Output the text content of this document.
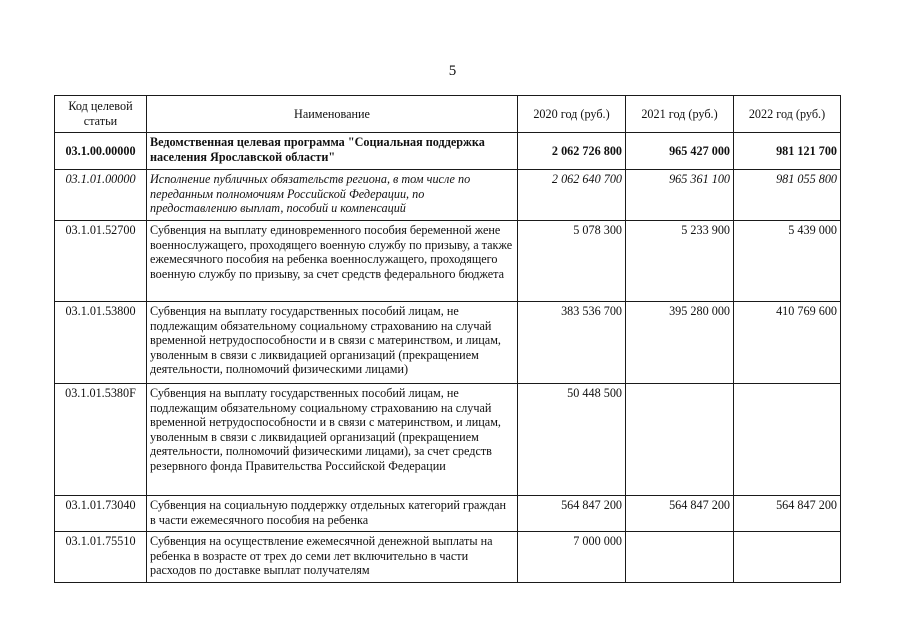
5
Код целевой статьи	Наименование	2020 год (руб.)	2021 год (руб.)	2022 год (руб.)
03.1.00.00000	Ведомственная целевая программа "Социальная поддержка населения Ярославской области"	2 062 726 800	965 427 000	981 121 700
03.1.01.00000	Исполнение публичных обязательств региона, в том числе по переданным полномочиям Российской Федерации, по предоставлению выплат, пособий и компенсаций	2 062 640 700	965 361 100	981 055 800
03.1.01.52700	Субвенция на выплату единовременного пособия беременной жене военнослужащего, проходящего военную службу по призыву, а также ежемесячного пособия на ребенка военнослужащего, проходящего военную службу по призыву, за счет средств федерального бюджета	5 078 300	5 233 900	5 439 000
03.1.01.53800	Субвенция на выплату государственных пособий лицам, не подлежащим обязательному социальному страхованию на случай временной нетрудоспособности и в связи с материнством, и лицам, уволенным в связи с ликвидацией организаций (прекращением деятельности, полномочий физическими лицами)	383 536 700	395 280 000	410 769 600
03.1.01.5380F	Субвенция на выплату государственных пособий лицам, не подлежащим обязательному социальному страхованию на случай временной нетрудоспособности и в связи с материнством, и лицам, уволенным в связи с ликвидацией организаций (прекращением деятельности, полномочий физическими лицами), за счет средств резервного фонда Правительства Российской Федерации	50 448 500		
03.1.01.73040	Субвенция на социальную поддержку отдельных категорий граждан в части ежемесячного пособия на ребенка	564 847 200	564 847 200	564 847 200
03.1.01.75510	Субвенция на осуществление ежемесячной денежной выплаты на ребенка в возрасте от трех до семи лет включительно в части расходов по доставке выплат получателям	7 000 000		
